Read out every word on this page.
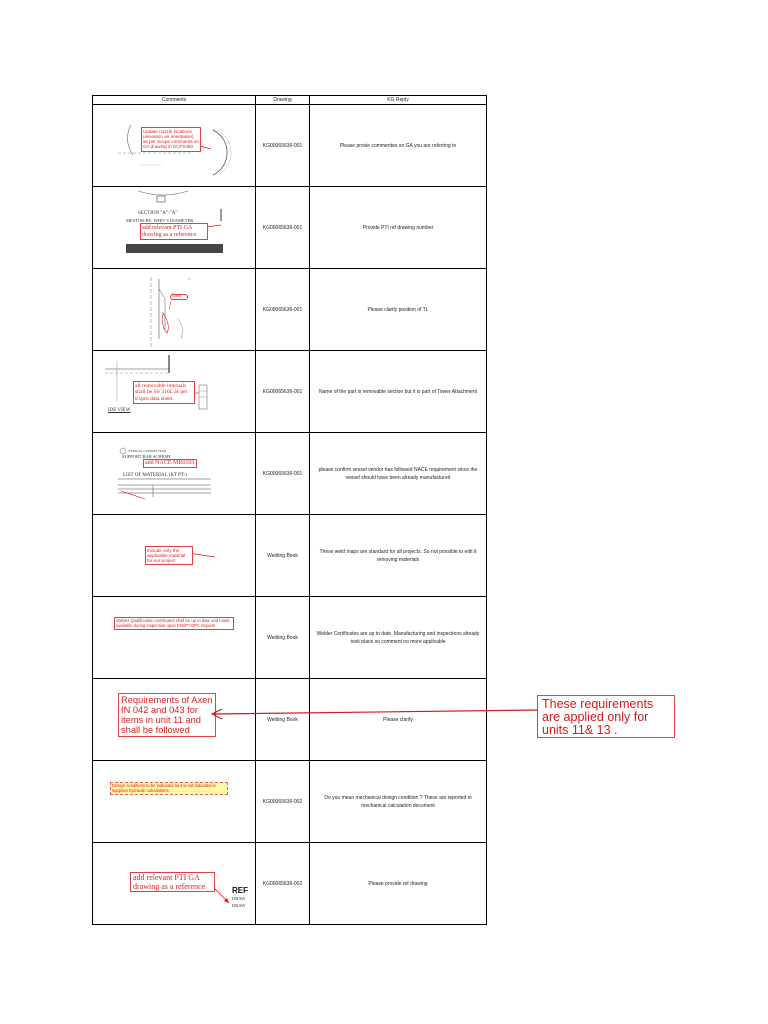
Comments	Drawing	KG Reply

Update nozzle locations (elevation an orientation) as per Scope comments on GA drawing in DCFS450	KG00065636-001	Please provie commentes on GA you are referring to

SECTION "A"-"A"
MESTOR-RE. WHIT S DIAMETER
add relevant PTI GA drawing as a reference	KG00065636-001	Provide PTI ref drawing number

check	KG00065636-001	Please clarify position of TL

all removable internals shall be SS 316L as per Expro data sheet.
IDE VIEW	KG00065636-001	Name of the part is removable section but it is part of Tower Attachment

TYPICAL CONNECTION
SUPPORT BAR SCHEME
add NACE MR0103
LIST OF MATERIAL (KT PT-)	KG00065636-001	please confirm vessel vendor has followed NACE requirement since the vessel should have been already manufactured

Include only the applicable material for our project	Welding Book	These weld maps are standard for all projects. So not possible to edit it removing materials

Welder Qualification certificates shall be up to date and made available during inspection upon ENI/PYOPC request	Welding Book	Welder Certificates are up to date. Manufacturing and inspections already took place so comment no more applicable

Requirements of Axen IN 042 and 043 for items in unit 11 and shall be followed	Welding Book	Please clarify

Design conditions to be indicated as it is not indicated in supplied hydraulic calculations	KG00065636-002	Do you mean mechanical design condition ? These are reported in mechanical calculation document

add relevant PTI GA drawing as a reference REF
DRAW
DRAW	KG00065636-002	Please provide ref drawing
These requirements are applied only for units 11& 13 .
